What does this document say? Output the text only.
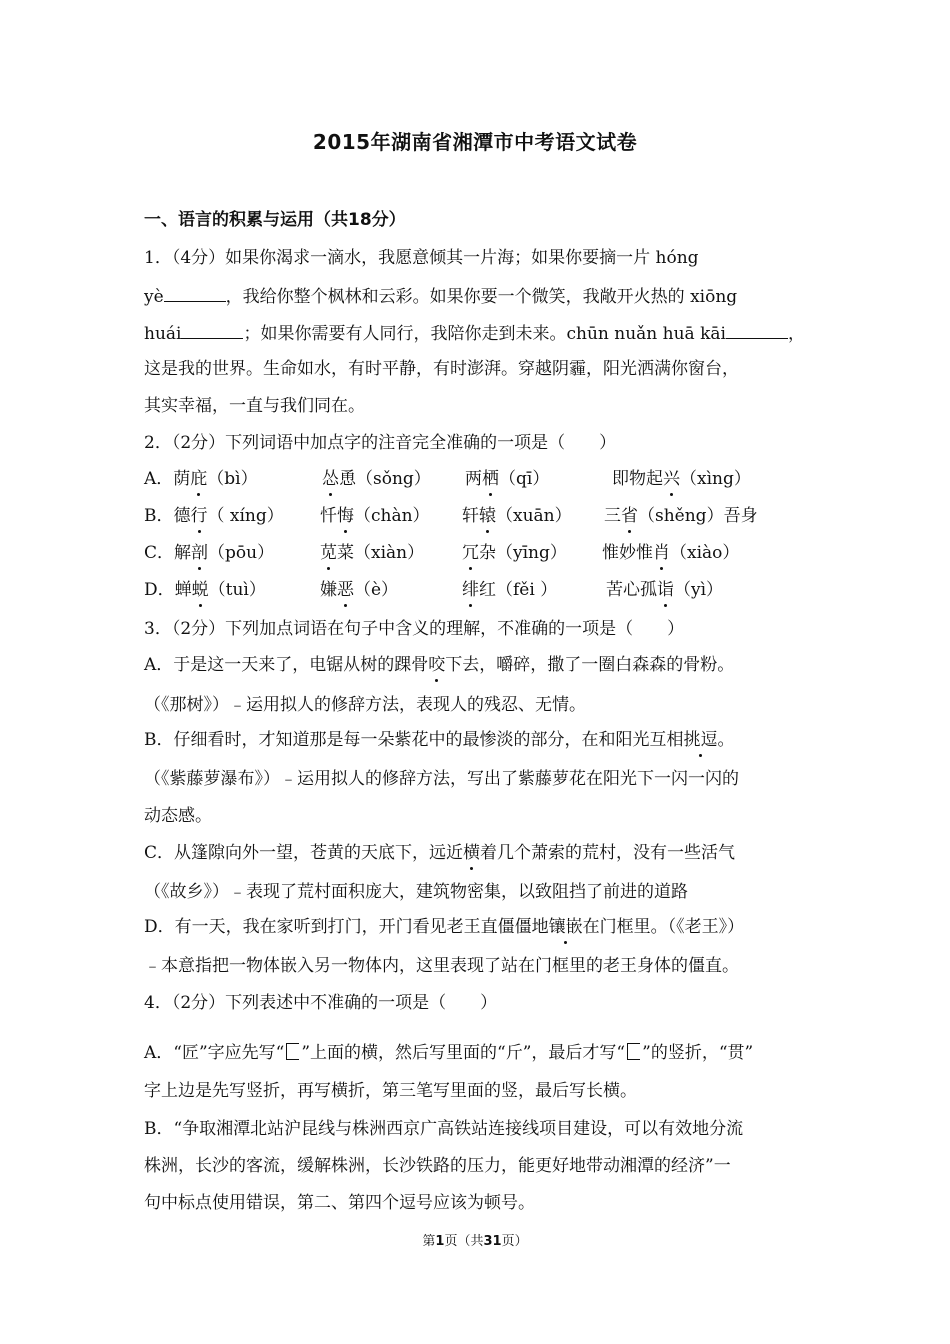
2015年湖南省湘潭市中考语文试卷
一、语言的积累与运用（共18分）
1．（4分）如果你渴求一滴水，我愿意倾其一片海；如果你要摘一片 hóng
yè	，我给你整个枫林和云彩。如果你要一个微笑，我敞开火热的 xiōng
huái	；如果你需要有人同行，我陪你走到未来。chūn nuǎn huā kāi	，
这是我的世界。生命如水，有时平静，有时澎湃。穿越阴霾，阳光洒满你窗台，
其实幸福，一直与我们同在。
2．（2分）下列词语中加点字的注音完全准确的一项是（　　）
A．荫庇（bì）	怂恿（sǒng） 两栖（qī）	即物起兴（xìng）
B．德行（ xíng） 忏悔（chàn） 轩辕（xuān） 三省（shěng）吾身
C．解剖（pōu）	苋菜（xiàn） 冗杂（yīng） 惟妙惟肖（xiào）
D．蝉蜕（tuì）	嫌恶（è）	绯红（fěi ）	苦心孤诣（yì）
3．（2分）下列加点词语在句子中含义的理解，不准确的一项是（　　）
A．于是这一天来了，电锯从树的踝骨咬下去，嚼碎，撒了一圈白森森的骨粉。
（《那树》）﹣运用拟人的修辞方法，表现人的残忍、无情。
B．仔细看时，才知道那是每一朵紫花中的最惨淡的部分，在和阳光互相挑逗。
（《紫藤萝瀑布》）﹣运用拟人的修辞方法，写出了紫藤萝花在阳光下一闪一闪的
动态感。
C．从篷隙向外一望，苍黄的天底下，远近横着几个萧索的荒村，没有一些活气
（《故乡》）﹣表现了荒村面积庞大，建筑物密集，以致阻挡了前进的道路
D．有一天，我在家听到打门，开门看见老王直僵僵地镶嵌在门框里。（《老王》）
﹣本意指把一物体嵌入另一物体内，这里表现了站在门框里的老王身体的僵直。
4．（2分）下列表述中不准确的一项是（　　）
A．“匠”字应先写“ ”上面的横，然后写里面的“斤”，最后才写“ ”的竖折，“贯”
字上边是先写竖折，再写横折，第三笔写里面的竖，最后写长横。
B．“争取湘潭北站沪昆线与株洲西京广高铁站连接线项目建设，可以有效地分流
株洲，长沙的客流，缓解株洲，长沙铁路的压力，能更好地带动湘潭的经济”一
句中标点使用错误，第二、第四个逗号应该为顿号。
第1页（共31页）
